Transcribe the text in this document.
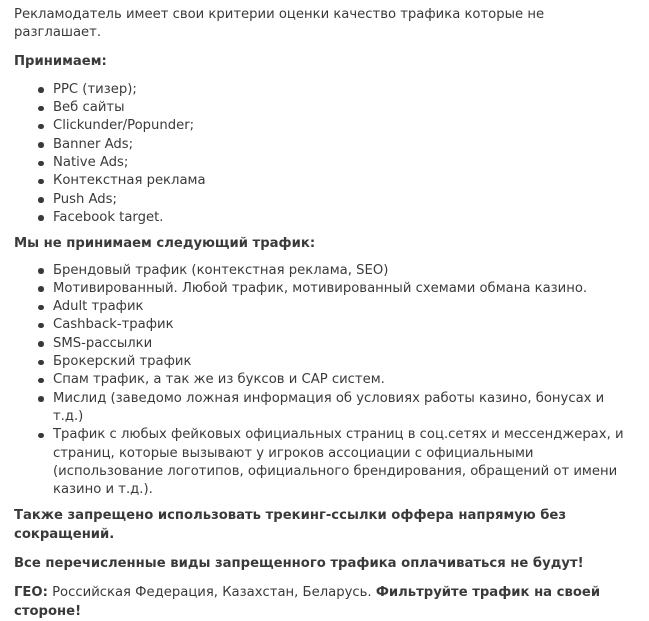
Рекламодатель имеет свои критерии оценки качество трафика которые не разглашает.

Принимаем:

PPC (тизер);
Веб сайты
Clickunder/Popunder;
Banner Ads;
Native Ads;
Контекстная реклама
Push Ads;
Facebook target.

Мы не принимаем следующий трафик:

Брендовый трафик (контекстная реклама, SEO)
Мотивированный. Любой трафик, мотивированный схемами обмана казино.
Adult трафик
Cashback-трафик
SMS-рассылки
Брокерский трафик
Спам трафик, а так же из буксов и CAP систем.
Мислид (заведомо ложная информация об условиях работы казино, бонусах и т.д.)
Трафик с любых фейковых официальных страниц в соц.сетях и мессенджерах, и страниц, которые вызывают у игроков ассоциации с официальными (использование логотипов, официального брендирования, обращений от имени казино и т.д.).

Также запрещено использовать трекинг-ссылки оффера напрямую без сокращений.

Все перечисленные виды запрещенного трафика оплачиваться не будут!

ГЕО: Российская Федерация, Казахстан, Беларусь. Фильтруйте трафик на своей стороне!
